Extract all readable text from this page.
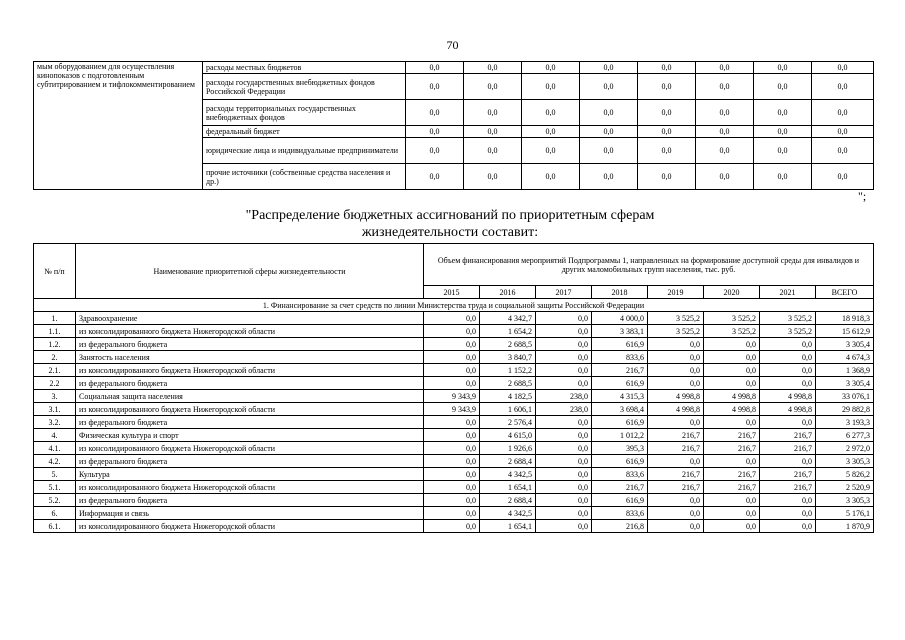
70
мым оборудованием для осуществления кинопоказов с подготовленным субтитрированием и тифлокомментированием	расходы местных бюджетов	0,0	0,0	0,0	0,0	0,0	0,0	0,0	0,0
	расходы государственных внебюджетных фондов Российской Федерации	0,0	0,0	0,0	0,0	0,0	0,0	0,0	0,0
	расходы территориальных государственных внебюджетных фондов	0,0	0,0	0,0	0,0	0,0	0,0	0,0	0,0
	федеральный бюджет	0,0	0,0	0,0	0,0	0,0	0,0	0,0	0,0
	юридические лица и индивидуальные предприниматели	0,0	0,0	0,0	0,0	0,0	0,0	0,0	0,0
	прочие источники (собственные средства населения и др.)	0,0	0,0	0,0	0,0	0,0	0,0	0,0	0,0
";
"Распределение бюджетных ассигнований по приоритетным сферам
жизнедеятельности составит:
№ п/п	Наименование приоритетной сферы жизнедеятельности	Объем финансирования мероприятий Подпрограммы 1, направленных на формирование доступной среды для инвалидов и других маломобильных групп населения, тыс. руб.							
		2015	2016	2017	2018	2019	2020	2021	ВСЕГО
1. Финансирование за счет средств по линии Министерства труда и социальной защиты Российской Федерации									
1.	Здравоохранение	0,0	4 342,7	0,0	4 000,0	3 525,2	3 525,2	3 525,2	18 918,3
1.1.	из консолидированного бюджета Нижегородской области	0,0	1 654,2	0,0	3 383,1	3 525,2	3 525,2	3 525,2	15 612,9
1.2.	из федерального бюджета	0,0	2 688,5	0,0	616,9	0,0	0,0	0,0	3 305,4
2.	Занятость населения	0,0	3 840,7	0,0	833,6	0,0	0,0	0,0	4 674,3
2.1.	из консолидированного бюджета Нижегородской области	0,0	1 152,2	0,0	216,7	0,0	0,0	0,0	1 368,9
2.2	из федерального бюджета	0,0	2 688,5	0,0	616,9	0,0	0,0	0,0	3 305,4
3.	Социальная защита населения	9 343,9	4 182,5	238,0	4 315,3	4 998,8	4 998,8	4 998,8	33 076,1
3.1.	из консолидированного бюджета Нижегородской области	9 343,9	1 606,1	238,0	3 698,4	4 998,8	4 998,8	4 998,8	29 882,8
3.2.	из федерального бюджета	0,0	2 576,4	0,0	616,9	0,0	0,0	0,0	3 193,3
4.	Физическая культура и спорт	0,0	4 615,0	0,0	1 012,2	216,7	216,7	216,7	6 277,3
4.1.	из консолидированного бюджета Нижегородской области	0,0	1 926,6	0,0	395,3	216,7	216,7	216,7	2 972,0
4.2.	из федерального бюджета	0,0	2 688,4	0,0	616,9	0,0	0,0	0,0	3 305,3
5.	Культура	0,0	4 342,5	0,0	833,6	216,7	216,7	216,7	5 826,2
5.1.	из консолидированного бюджета Нижегородской области	0,0	1 654,1	0,0	216,7	216,7	216,7	216,7	2 520,9
5.2.	из федерального бюджета	0,0	2 688,4	0,0	616,9	0,0	0,0	0,0	3 305,3
6.	Информация и связь	0,0	4 342,5	0,0	833,6	0,0	0,0	0,0	5 176,1
6.1.	из консолидированного бюджета Нижегородской области	0,0	1 654,1	0,0	216,8	0,0	0,0	0,0	1 870,9
